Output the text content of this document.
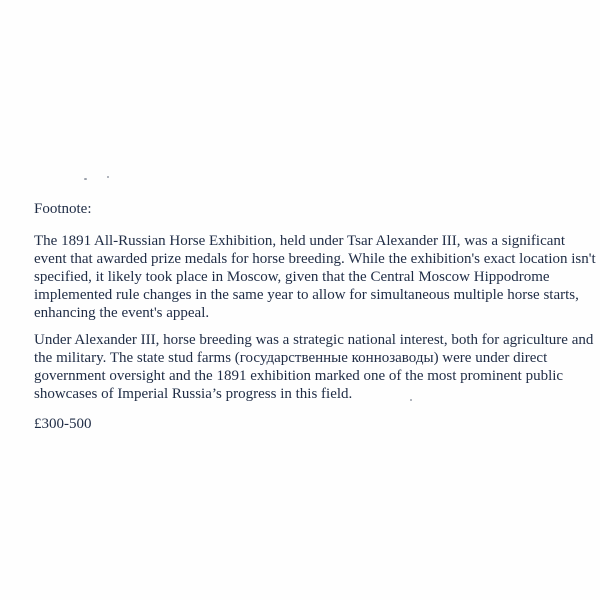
Footnote:

The 1891 All-Russian Horse Exhibition, held under Tsar Alexander III, was a significant
event that awarded prize medals for horse breeding. While the exhibition's exact location isn't
specified, it likely took place in Moscow, given that the Central Moscow Hippodrome
implemented rule changes in the same year to allow for simultaneous multiple horse starts,
enhancing the event's appeal.

Under Alexander III, horse breeding was a strategic national interest, both for agriculture and
the military. The state stud farms (государственные коннозаводы) were under direct
government oversight and the 1891 exhibition marked one of the most prominent public
showcases of Imperial Russia’s progress in this field.

£300-500
